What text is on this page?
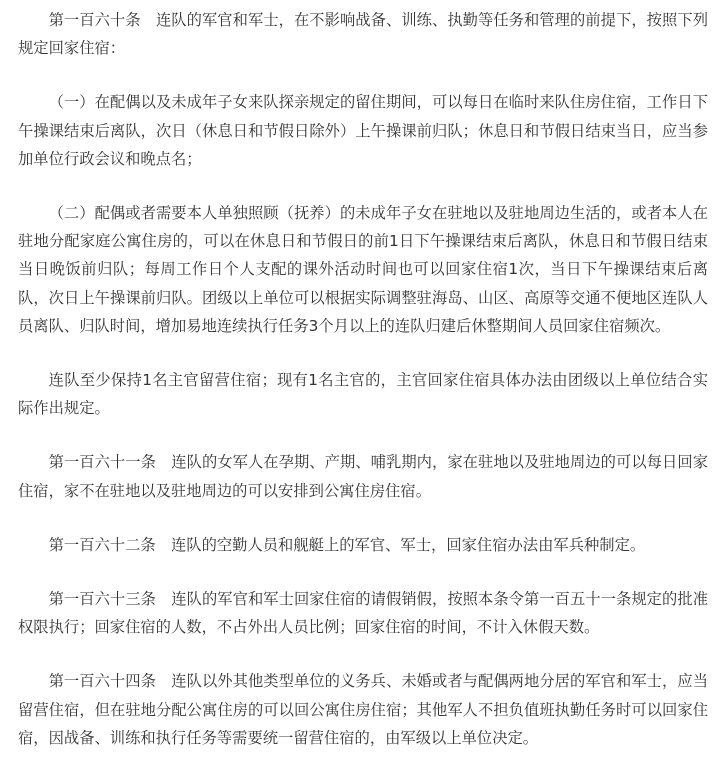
第一百六十条　连队的军官和军士，在不影响战备、训练、执勤等任务和管理的前提下，按照下列规定回家住宿：

（一）在配偶以及未成年子女来队探亲规定的留住期间，可以每日在临时来队住房住宿，工作日下午操课结束后离队，次日（休息日和节假日除外）上午操课前归队；休息日和节假日结束当日，应当参加单位行政会议和晚点名；

（二）配偶或者需要本人单独照顾（抚养）的未成年子女在驻地以及驻地周边生活的，或者本人在驻地分配家庭公寓住房的，可以在休息日和节假日的前1日下午操课结束后离队，休息日和节假日结束当日晚饭前归队；每周工作日个人支配的课外活动时间也可以回家住宿1次，当日下午操课结束后离队，次日上午操课前归队。团级以上单位可以根据实际调整驻海岛、山区、高原等交通不便地区连队人员离队、归队时间，增加易地连续执行任务3个月以上的连队归建后休整期间人员回家住宿频次。

连队至少保持1名主官留营住宿；现有1名主官的，主官回家住宿具体办法由团级以上单位结合实际作出规定。

第一百六十一条　连队的女军人在孕期、产期、哺乳期内，家在驻地以及驻地周边的可以每日回家住宿，家不在驻地以及驻地周边的可以安排到公寓住房住宿。

第一百六十二条　连队的空勤人员和舰艇上的军官、军士，回家住宿办法由军兵种制定。

第一百六十三条　连队的军官和军士回家住宿的请假销假，按照本条令第一百五十一条规定的批准权限执行；回家住宿的人数，不占外出人员比例；回家住宿的时间，不计入休假天数。

第一百六十四条　连队以外其他类型单位的义务兵、未婚或者与配偶两地分居的军官和军士，应当留营住宿，但在驻地分配公寓住房的可以回公寓住房住宿；其他军人不担负值班执勤任务时可以回家住宿，因战备、训练和执行任务等需要统一留营住宿的，由军级以上单位决定。
